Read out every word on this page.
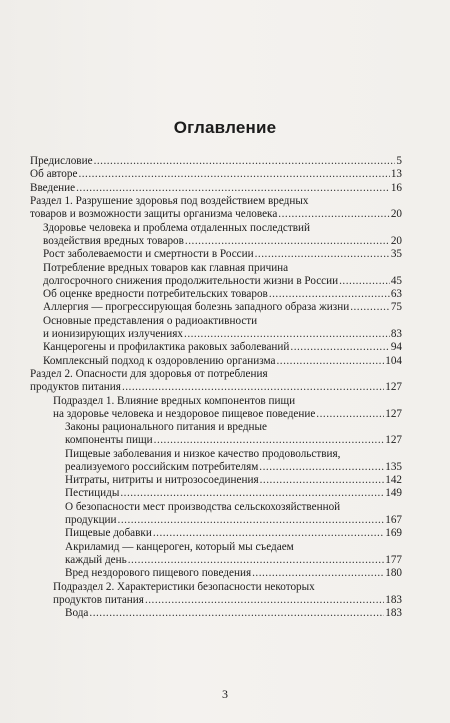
Оглавление
Предисловие .....	5
Об авторе .....	13
Введение .....	16
Раздел 1. Разрушение здоровья под воздействием вредных
товаров и возможности защиты организма человека .....	20
Здоровье человека и проблема отдаленных последствий
воздействия вредных товаров .....	20
Рост заболеваемости и смертности в России .....	35
Потребление вредных товаров как главная причина
долгосрочного снижения продолжительности жизни в России .....	45
Об оценке вредности потребительских товаров .....	63
Аллергия — прогрессирующая болезнь западного образа жизни .....	75
Основные представления о радиоактивности
и ионизирующих излучениях .....	83
Канцерогены и профилактика раковых заболеваний .....	94
Комплексный подход к оздоровлению организма .....	104
Раздел 2. Опасности для здоровья от потребления
продуктов питания .....	127
Подраздел 1. Влияние вредных компонентов пищи
на здоровье человека и нездоровое пищевое поведение .....	127
Законы рационального питания и вредные
компоненты пищи .....	127
Пищевые заболевания и низкое качество продовольствия,
реализуемого российским потребителям .....	135
Нитраты, нитриты и нитрозосоединения .....	142
Пестициды .....	149
О безопасности мест производства сельскохозяйственной
продукции .....	167
Пищевые добавки .....	169
Акриламид — канцероген, который мы съедаем
каждый день .....	177
Вред нездорового пищевого поведения .....	180
Подраздел 2. Характеристики безопасности некоторых
продуктов питания .....	183
Вода .....	183
3
